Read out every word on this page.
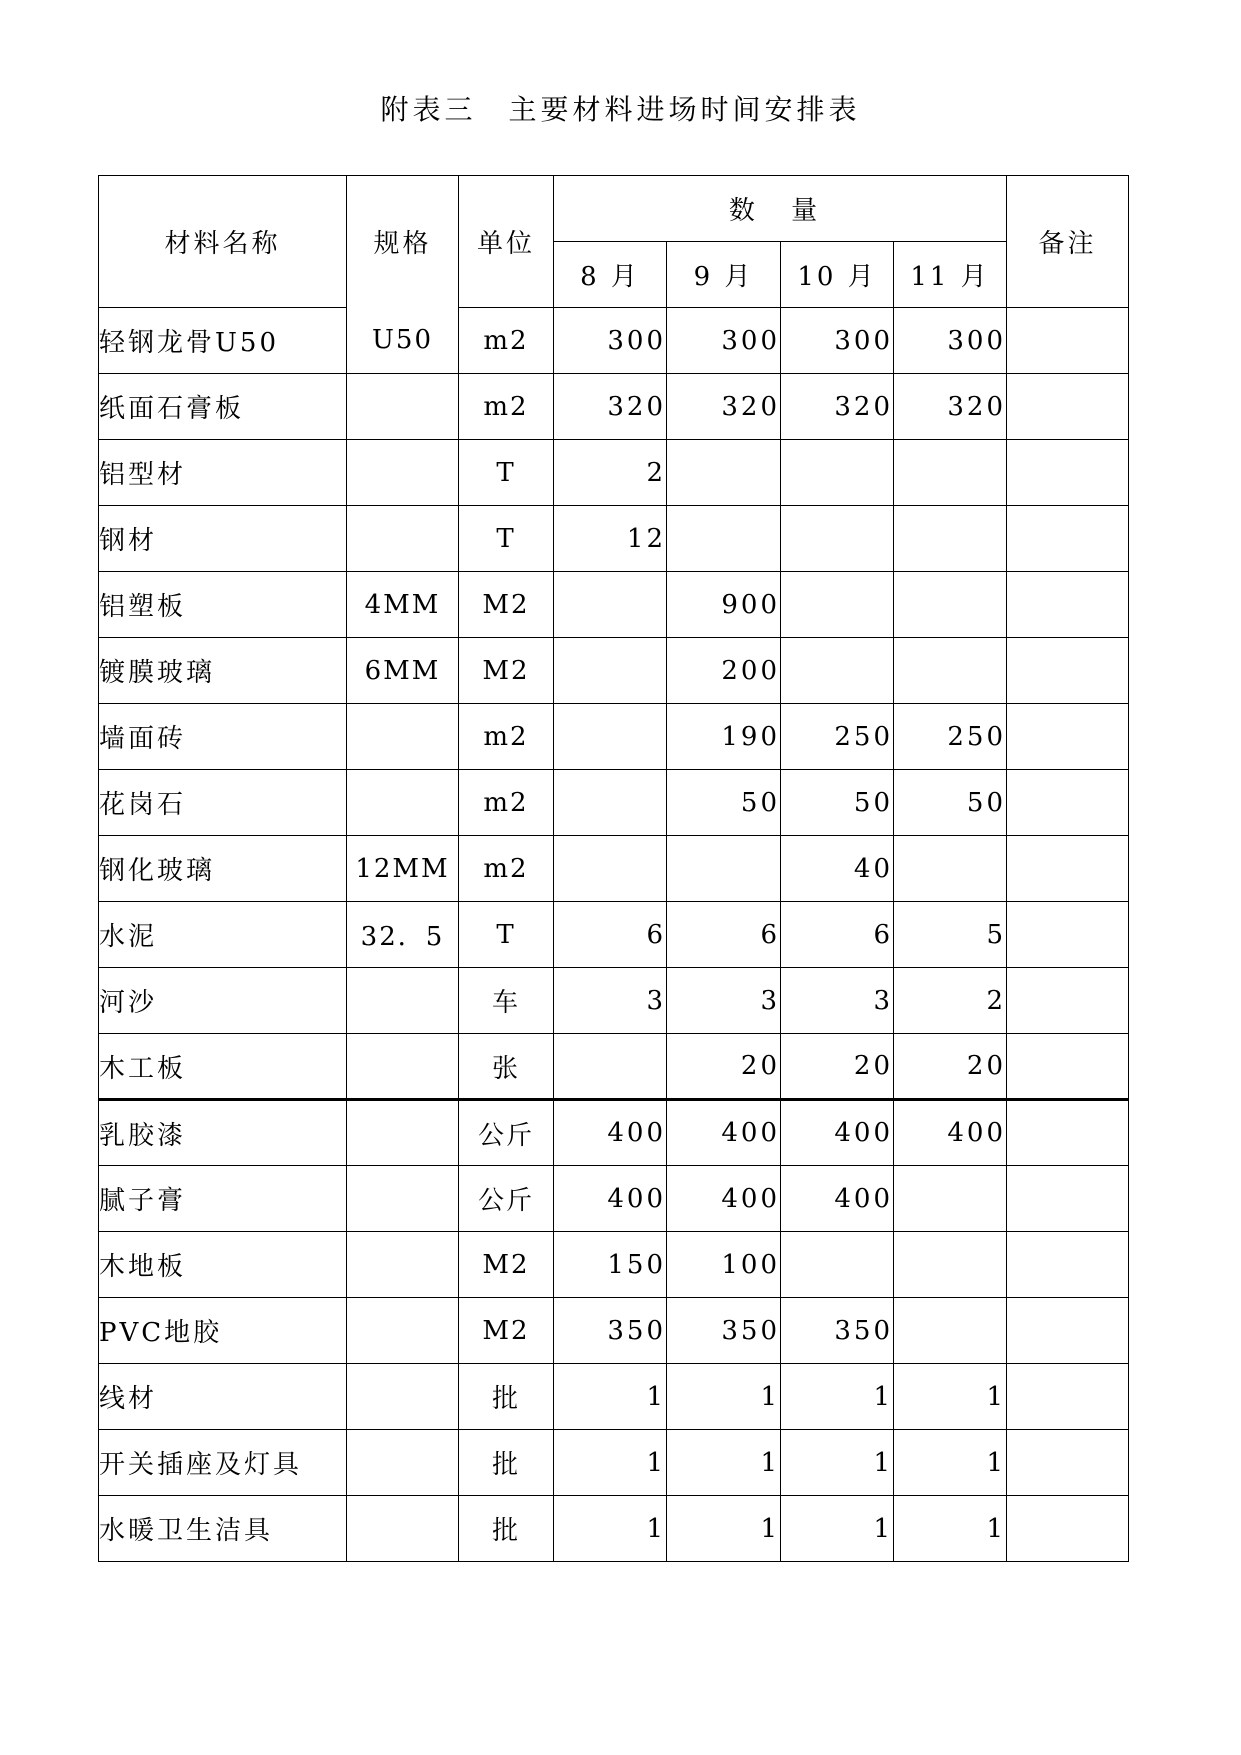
附表三　主要材料进场时间安排表
材料名称	规格	单位	数 量				备注
			8 月	9 月	10 月	11 月	
轻钢龙骨U50	U50	m2	300	300	300	300	
纸面石膏板		m2	320	320	320	320	
铝型材		T	2				
钢材		T	12				
铝塑板	4MM	M2		900			
镀膜玻璃	6MM	M2		200			
墙面砖		m2		190	250	250	
花岗石		m2		50	50	50	
钢化玻璃	12MM	m2			40		
水泥	32．5	T	6	6	6	5	
河沙		车	3	3	3	2	
木工板		张		20	20	20	
乳胶漆		公斤	400	400	400	400	
腻子膏		公斤	400	400	400		
木地板		M2	150	100			
PVC地胶		M2	350	350	350		
线材		批	1	1	1	1	
开关插座及灯具		批	1	1	1	1	
水暖卫生洁具		批	1	1	1	1	
